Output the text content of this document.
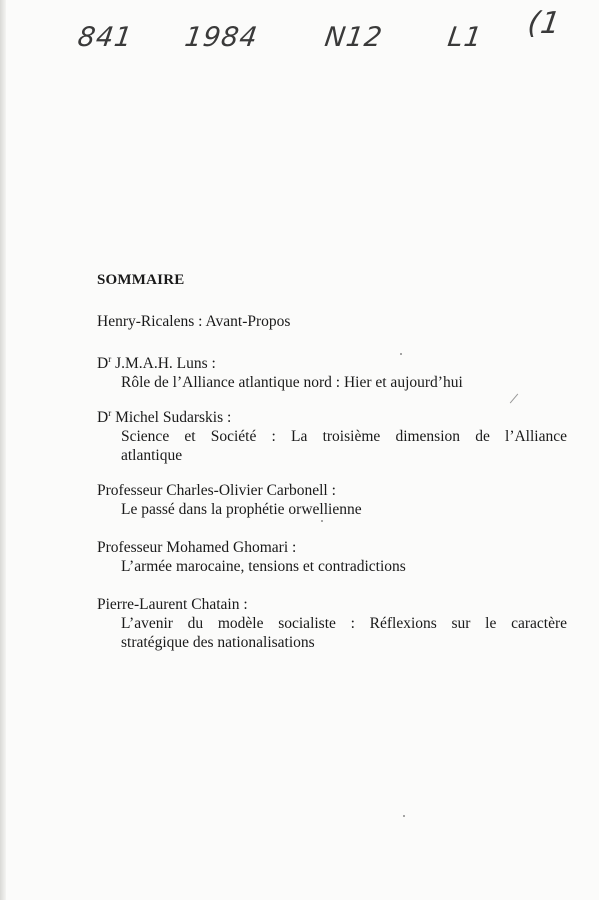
841 1984 N12 L1 (1
SOMMAIRE
Henry-Ricalens : Avant-Propos
$D^r$ J.M.A.H. Luns :
Rôle de l’Alliance atlantique nord : Hier et aujourd’hui
$D^r$ Michel Sudarskis :
Science et Société : La troisième dimension de l’Alliance
atlantique
Professeur Charles-Olivier Carbonell :
Le passé dans la prophétie orwellienne
Professeur Mohamed Ghomari :
L’armée marocaine, tensions et contradictions
Pierre-Laurent Chatain :
L’avenir du modèle socialiste : Réflexions sur le caractère
stratégique des nationalisations
